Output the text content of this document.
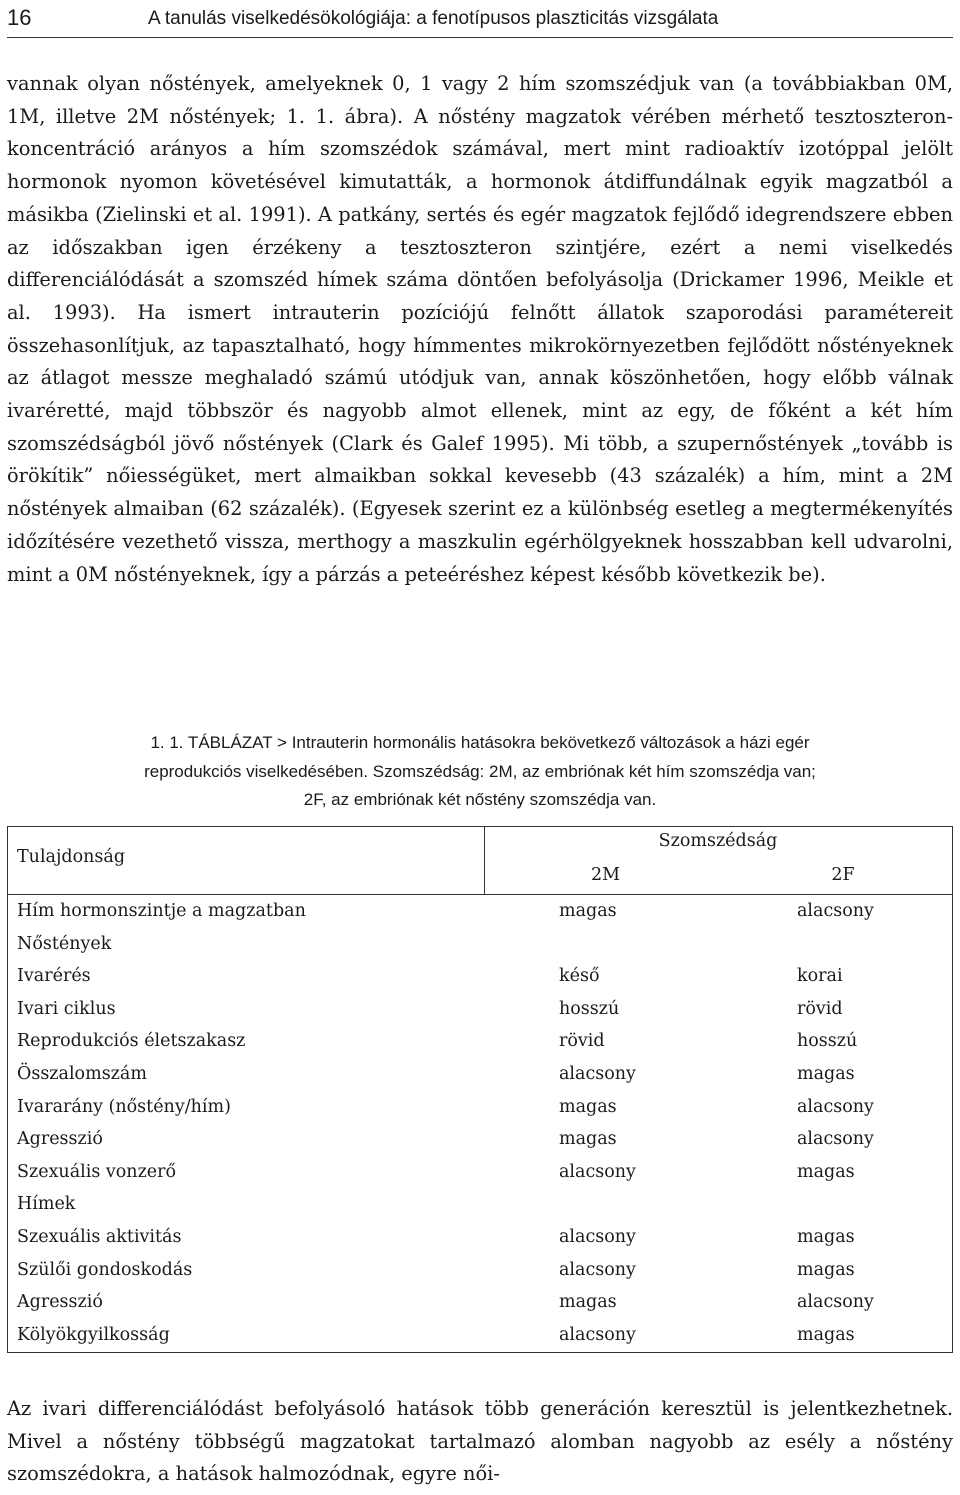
16	A tanulás viselkedésökológiája: a fenotípusos plaszticitás vizsgálata

vannak olyan nőstények, amelyeknek 0, 1 vagy 2 hím szomszédjuk van (a továbbiakban 0M, 1M, illetve 2M nőstények; 1. 1. ábra). A nőstény magzatok vérében mérhető tesztoszteron-koncentráció arányos a hím szomszédok számával, mert mint radioaktív izotóppal jelölt hormonok nyomon követésével kimutatták, a hormonok átdiffundálnak egyik magzatból a másikba (Zielinski et al. 1991). A patkány, sertés és egér magzatok fejlődő idegrendszere ebben az időszakban igen érzékeny a tesztoszteron szintjére, ezért a nemi viselkedés differenciálódását a szomszéd hímek száma döntően befolyásolja (Drickamer 1996, Meikle et al. 1993). Ha ismert intrauterin pozíciójú felnőtt állatok szaporodási paramétereit összehasonlítjuk, az tapasztalható, hogy hímmentes mikrokörnyezetben fejlődött nőstényeknek az átlagot messze meghaladó számú utódjuk van, annak köszönhetően, hogy előbb válnak ivaréretté, majd többször és nagyobb almot ellenek, mint az egy, de főként a két hím szomszédságból jövő nőstények (Clark és Galef 1995). Mi több, a szupernőstények „tovább is örökítik” nőiességüket, mert almaikban sokkal kevesebb (43 százalék) a hím, mint a 2M nőstények almaiban (62 százalék). (Egyesek szerint ez a különbség esetleg a megtermékenyítés időzítésére vezethető vissza, merthogy a maszkulin egérhölgyeknek hosszabban kell udvarolni, mint a 0M nőstényeknek, így a párzás a peteéréshez képest később következik be).

1. 1. TÁBLÁZAT > Intrauterin hormonális hatásokra bekövetkező változások a házi egér
reprodukciós viselkedésében. Szomszédság: 2M, az embriónak két hím szomszédja van;
2F, az embriónak két nőstény szomszédja van.
Tulajdonság
Szomszédság
2M	2F
Hím hormonszintje a magzatban	magas	alacsony
Nőstények
Ivarérés	késő	korai
Ivari ciklus	hosszú	rövid
Reprodukciós életszakasz	rövid	hosszú
Összalomszám	alacsony	magas
Ivararány (nőstény/hím)	magas	alacsony
Agresszió	magas	alacsony
Szexuális vonzerő	alacsony	magas
Hímek
Szexuális aktivitás	alacsony	magas
Szülői gondoskodás	alacsony	magas
Agresszió	magas	alacsony
Kölyökgyilkosság	alacsony	magas

Az ivari differenciálódást befolyásoló hatások több generáción keresztül is jelentkezhetnek. Mivel a nőstény többségű magzatokat tartalmazó alomban nagyobb az esély a nőstény szomszédokra, a hatások halmozódnak, egyre női-
